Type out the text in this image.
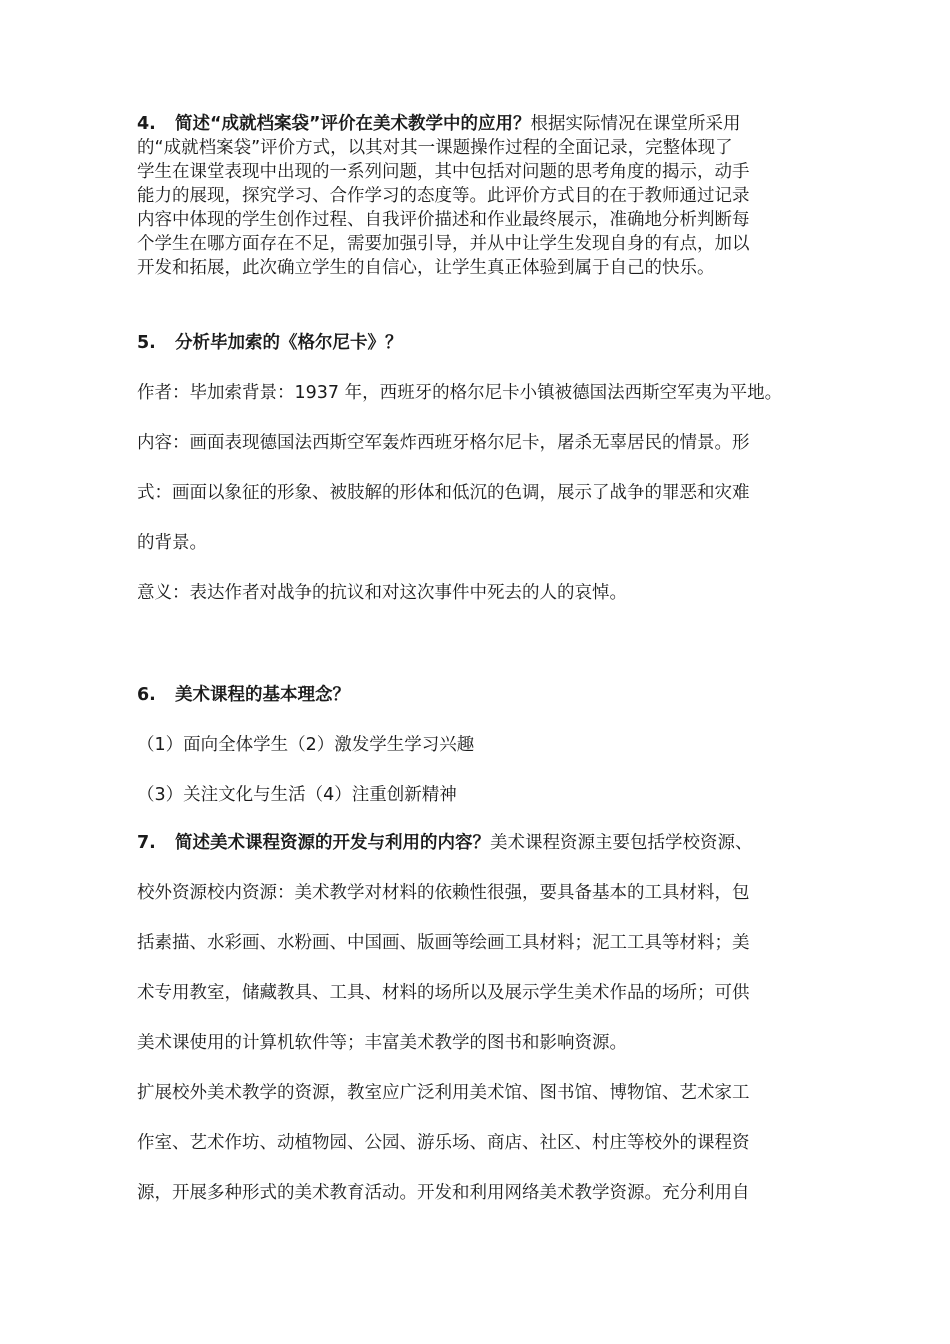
4. 简述“成就档案袋”评价在美术教学中的应用？根据实际情况在课堂所采用
的“成就档案袋”评价方式，以其对其一课题操作过程的全面记录，完整体现了
学生在课堂表现中出现的一系列问题，其中包括对问题的思考角度的揭示，动手
能力的展现，探究学习、合作学习的态度等。此评价方式目的在于教师通过记录
内容中体现的学生创作过程、自我评价描述和作业最终展示，准确地分析判断每
个学生在哪方面存在不足，需要加强引导，并从中让学生发现自身的有点，加以
开发和拓展，此次确立学生的自信心，让学生真正体验到属于自己的快乐。
5. 分析毕加索的《格尔尼卡》？
作者：毕加索背景：1937 年，西班牙的格尔尼卡小镇被德国法西斯空军夷为平地。
内容：画面表现德国法西斯空军轰炸西班牙格尔尼卡，屠杀无辜居民的情景。形
式：画面以象征的形象、被肢解的形体和低沉的色调，展示了战争的罪恶和灾难
的背景。
意义：表达作者对战争的抗议和对这次事件中死去的人的哀悼。
6. 美术课程的基本理念？
（1）面向全体学生（2）激发学生学习兴趣
（3）关注文化与生活（4）注重创新精神
7. 简述美术课程资源的开发与利用的内容？美术课程资源主要包括学校资源、
校外资源校内资源：美术教学对材料的依赖性很强，要具备基本的工具材料，包
括素描、水彩画、水粉画、中国画、版画等绘画工具材料；泥工工具等材料；美
术专用教室，储藏教具、工具、材料的场所以及展示学生美术作品的场所；可供
美术课使用的计算机软件等；丰富美术教学的图书和影响资源。
扩展校外美术教学的资源，教室应广泛利用美术馆、图书馆、博物馆、艺术家工
作室、艺术作坊、动植物园、公园、游乐场、商店、社区、村庄等校外的课程资
源，开展多种形式的美术教育活动。开发和利用网络美术教学资源。充分利用自
